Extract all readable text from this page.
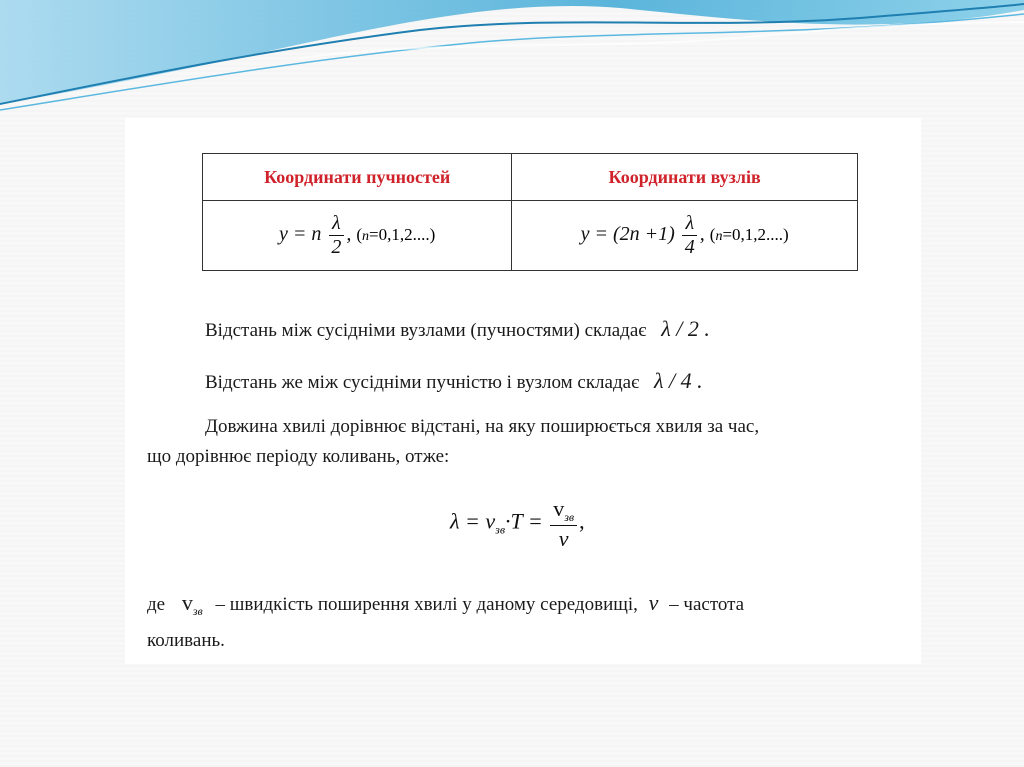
Координати пучностей	Координати вузлів
y = n $\frac{\lambda}{2}$ , (n=0,1,2....)	$y = (2n +1) \frac{\lambda}{4}$ , (n=0,1,2....)
Відстань між сусідніми вузлами (пучностями) складає λ / 2 .
Відстань же між сусідніми пучністю і вузлом складає λ / 4 .
Довжина хвилі дорівнює відстані, на яку поширюється хвиля за час,
що дорівнює періоду коливань, отже:
$\lambda = v_{зв}\cdot T = \frac{v_{зв}}{\nu}$ ,
де $v_{зв}$ – швидкість поширення хвилі у даному середовищі, ν – частота
коливань.
